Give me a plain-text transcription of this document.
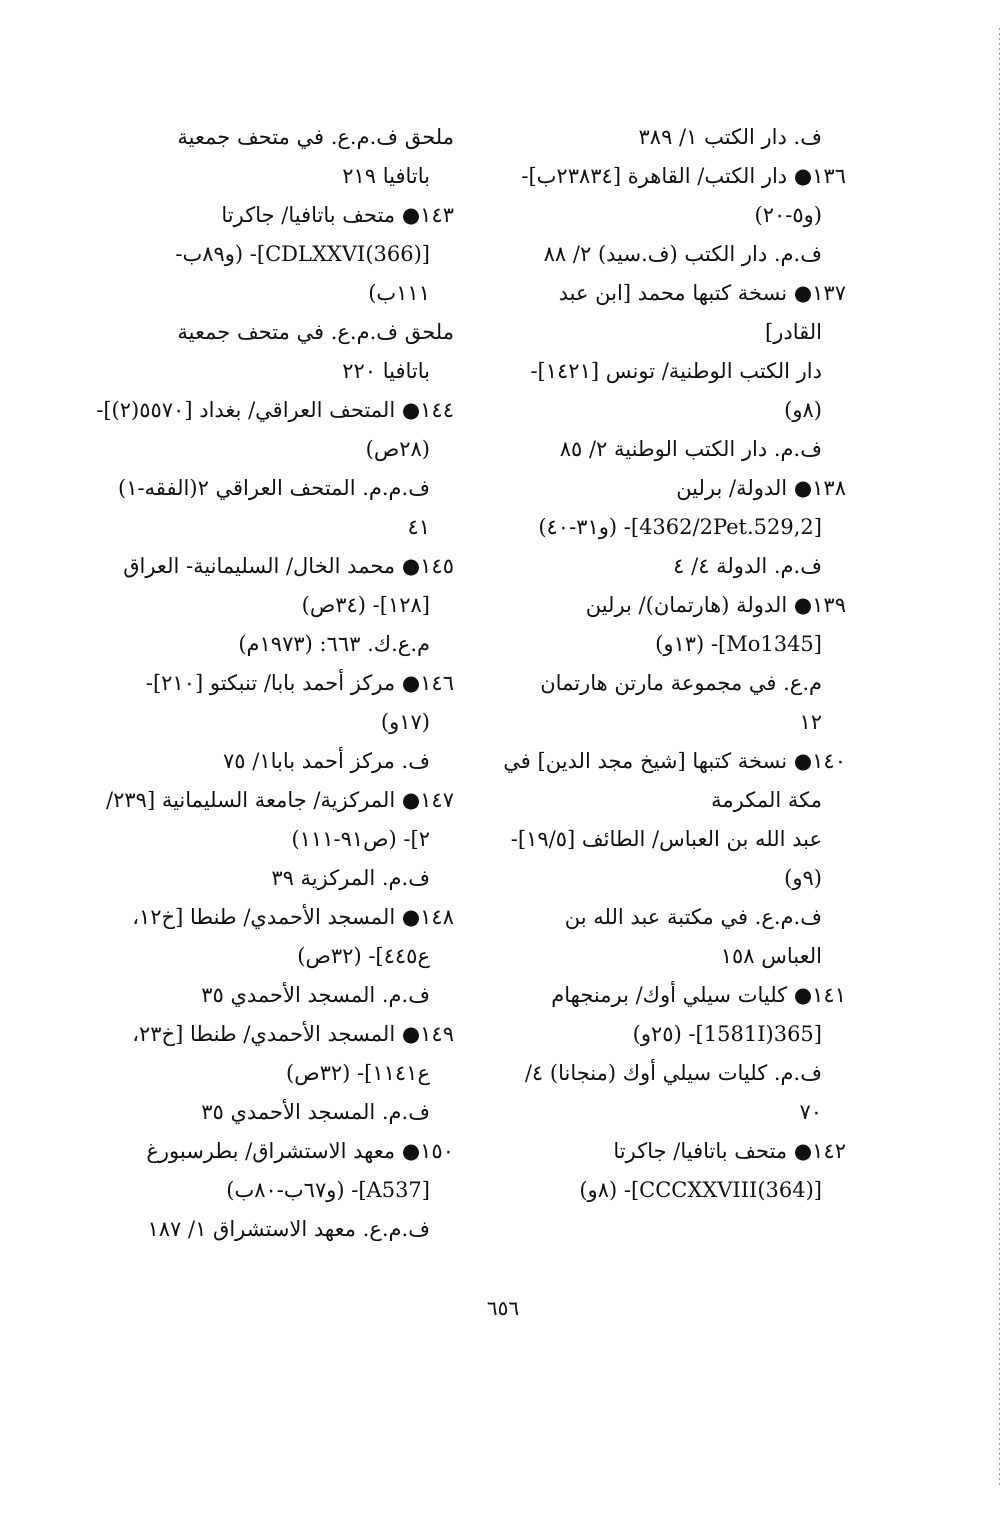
ف. دار الكتب ١/ ٣٨٩
١٣٦● دار الكتب/ القاهرة [٢٣٨٣٤ب]-
(و٥-٢٠)
ف.م. دار الكتب (ف.سيد) ٢/ ٨٨
١٣٧● نسخة كتبها محمد [ابن عبد
القادر]
دار الكتب الوطنية/ تونس [١٤٢١]-
(٨و)
ف.م. دار الكتب الوطنية ٢/ ٨٥
١٣٨● الدولة/ برلين
[4362/2Pet.529,2]- (و٣١-٤٠)
ف.م. الدولة ٤/ ٤
١٣٩● الدولة (هارتمان)/ برلين
[Mo1345]- (١٣و)
م.ع. في مجموعة مارتن هارتمان
١٢
١٤٠● نسخة كتبها [شيخ مجد الدين] في
مكة المكرمة
عبد الله بن العباس/ الطائف [١٩/٥]-
(٩و)
ف.م.ع. في مكتبة عبد الله بن
العباس ١٥٨
١٤١● كليات سيلي أوك/ برمنجهام
[365(1581I]- (٢٥و)
ف.م. كليات سيلي أوك (منجانا) ٤/
٧٠
١٤٢● متحف باتافيا/ جاكرتا
[(364)CCCXXVIII]- (٨و)
ملحق ف.م.ع. في متحف جمعية
باتافيا ٢١٩
١٤٣● متحف باتافيا/ جاكرتا
[(366)CDLXXVI]- (و٨٩ب-
١١١ب)
ملحق ف.م.ع. في متحف جمعية
باتافيا ٢٢٠
١٤٤● المتحف العراقي/ بغداد [٥٥٧٠(٢)]-
(٢٨ص)
ف.م.م. المتحف العراقي ٢(الفقه-١)
٤١
١٤٥● محمد الخال/ السليمانية- العراق
[١٢٨]- (٣٤ص)
م.ع.ك. ٦٦٣: (١٩٧٣م)
١٤٦● مركز أحمد بابا/ تنبكتو [٢١٠]-
(١٧و)
ف. مركز أحمد بابا١/ ٧٥
١٤٧● المركزية/ جامعة السليمانية [٢٣٩/
٢]- (ص٩١-١١١)
ف.م. المركزية ٣٩
١٤٨● المسجد الأحمدي/ طنطا [خ١٢،
ع٤٤٥]- (٣٢ص)
ف.م. المسجد الأحمدي ٣٥
١٤٩● المسجد الأحمدي/ طنطا [خ٢٣،
ع١١٤١]- (٣٢ص)
ف.م. المسجد الأحمدي ٣٥
١٥٠● معهد الاستشراق/ بطرسبورغ
[A537]- (و٦٧ب-٨٠ب)
ف.م.ع. معهد الاستشراق ١/ ١٨٧
٦٥٦
